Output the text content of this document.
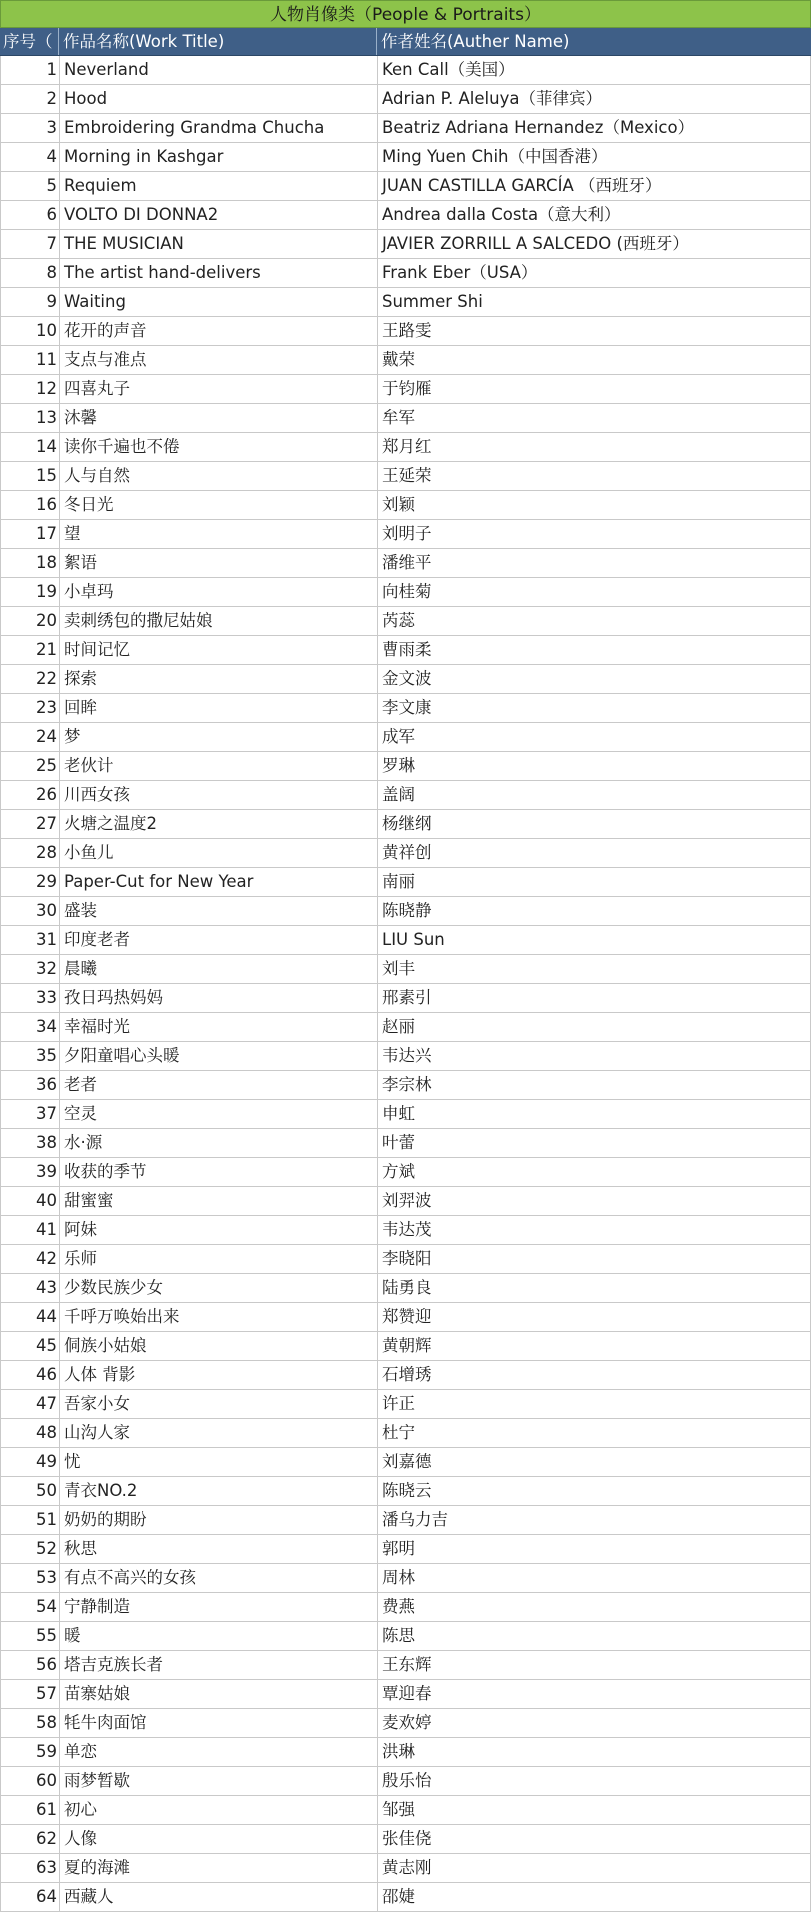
人物肖像类（People & Portraits）
序号（ 作品名称(Work Title)	作者姓名(Auther Name)
1 Neverland	Ken Call（美国）
2 Hood	Adrian P. Aleluya（菲律宾）
3 Embroidering Grandma Chucha	Beatriz Adriana Hernandez（Mexico）
4 Morning in Kashgar	Ming Yuen Chih（中国香港）
5 Requiem	JUAN CASTILLA GARCÍA （西班牙）
6 VOLTO DI DONNA2	Andrea dalla Costa（意大利）
7 THE MUSICIAN	JAVIER ZORRILL A SALCEDO (西班牙）
8 The artist hand-delivers	Frank Eber（USA）
9 Waiting	Summer Shi
10 花开的声音	王路雯
11 支点与准点	戴荣
12 四喜丸子	于钧雁
13 沐馨	牟军
14 读你千遍也不倦	郑月红
15 人与自然	王延荣
16 冬日光	刘颖
17 望	刘明子
18 絮语	潘维平
19 小卓玛	向桂菊
20 卖刺绣包的撒尼姑娘	芮蕊
21 时间记忆	曹雨柔
22 探索	金文波
23 回眸	李文康
24 梦	成军
25 老伙计	罗琳
26 川西女孩	盖阔
27 火塘之温度2	杨继纲
28 小鱼儿	黄祥创
29 Paper-Cut for New Year	南丽
30 盛装	陈晓静
31 印度老者	LIU Sun
32 晨曦	刘丰
33 孜日玛热妈妈	邢素引
34 幸福时光	赵丽
35 夕阳童唱心头暖	韦达兴
36 老者	李宗林
37 空灵	申虹
38 水·源	叶蕾
39 收获的季节	方斌
40 甜蜜蜜	刘羿波
41 阿妹	韦达茂
42 乐师	李晓阳
43 少数民族少女	陆勇良
44 千呼万唤始出来	郑赞迎
45 侗族小姑娘	黄朝辉
46 人体 背影	石增琇
47 吾家小女	许正
48 山沟人家	杜宁
49 忧	刘嘉德
50 青衣NO.2	陈晓云
51 奶奶的期盼	潘乌力吉
52 秋思	郭明
53 有点不高兴的女孩	周林
54 宁静制造	费燕
55 暖	陈思
56 塔吉克族长者	王东辉
57 苗寨姑娘	覃迎春
58 牦牛肉面馆	麦欢婷
59 单恋	洪琳
60 雨梦暂歇	殷乐怡
61 初心	邹强
62 人像	张佳侥
63 夏的海滩	黄志刚
64 西藏人	邵婕
